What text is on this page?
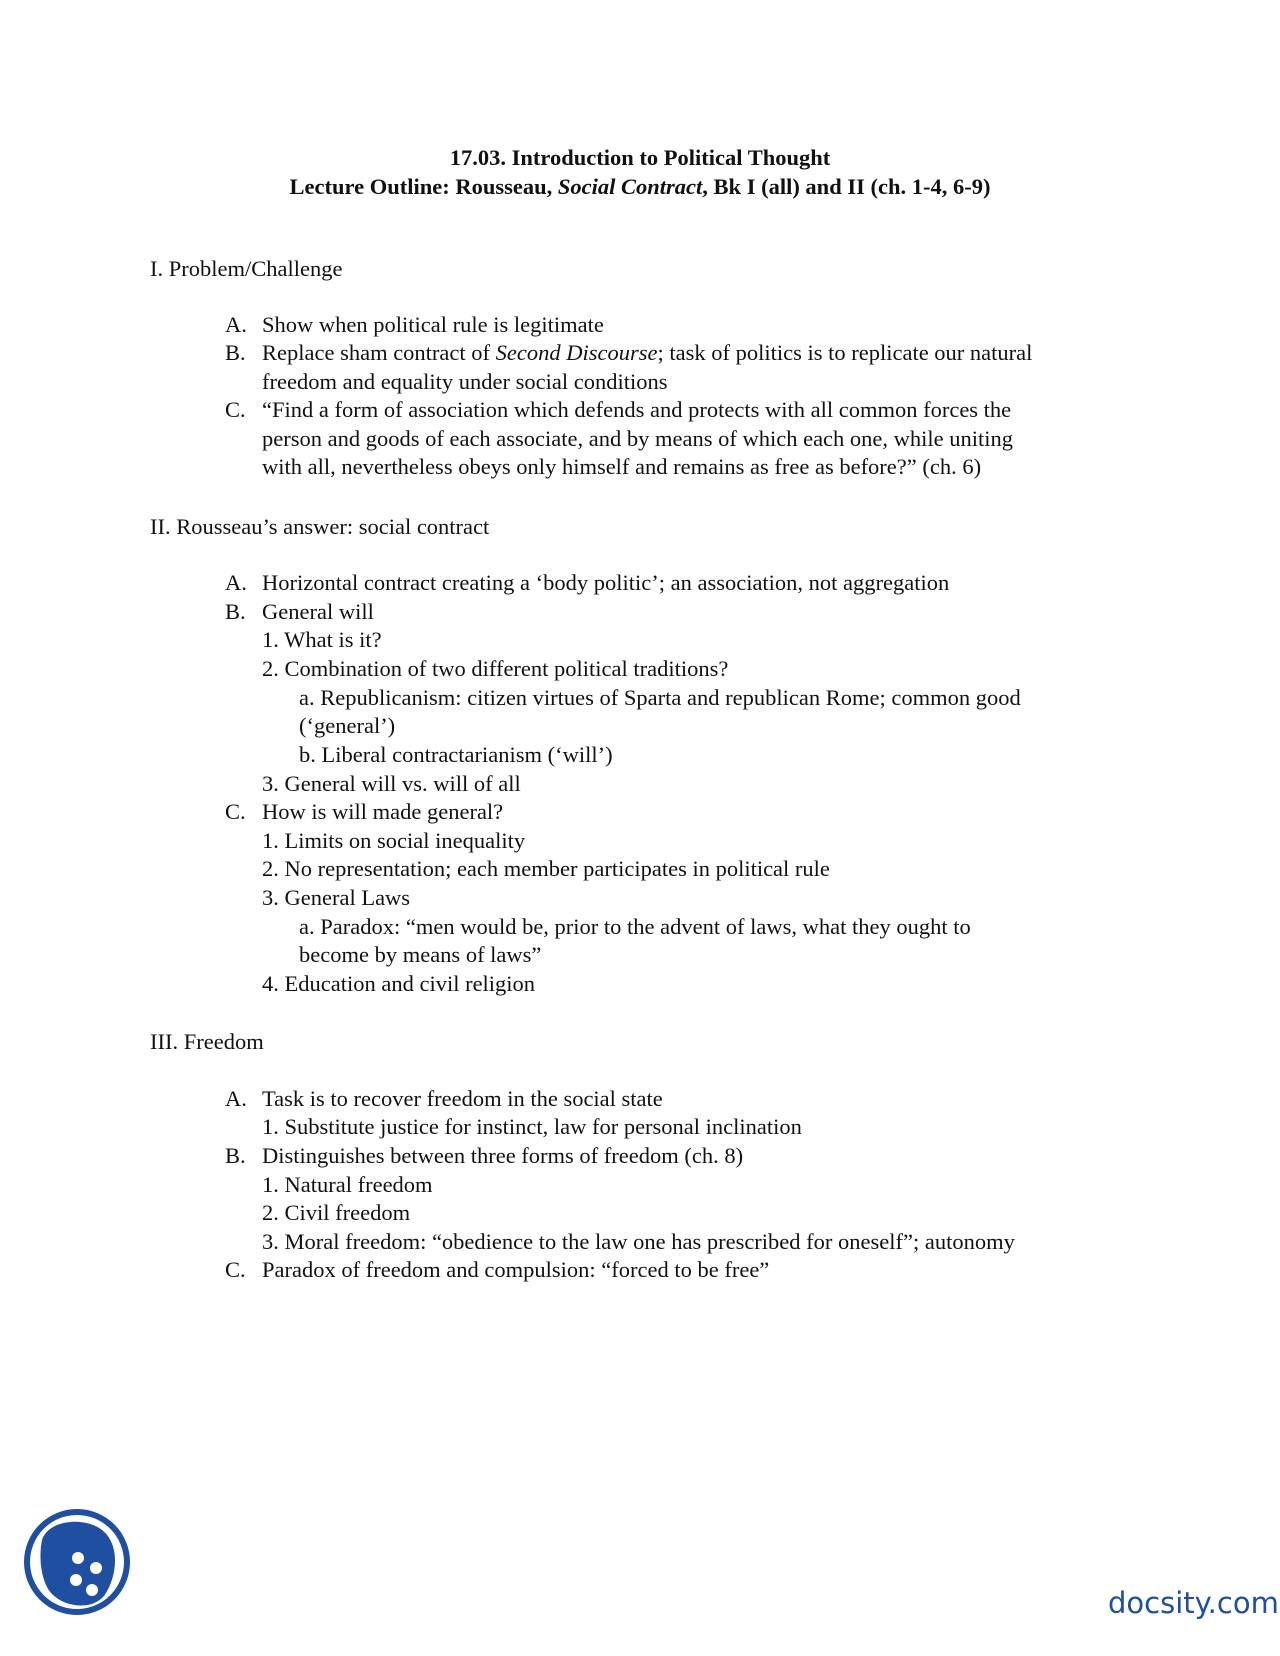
17.03. Introduction to Political Thought
Lecture Outline: Rousseau, Social Contract, Bk I (all) and II (ch. 1-4, 6-9)
I. Problem/Challenge
A. Show when political rule is legitimate
B. Replace sham contract of Second Discourse; task of politics is to replicate our natural
freedom and equality under social conditions
C. “Find a form of association which defends and protects with all common forces the
person and goods of each associate, and by means of which each one, while uniting
with all, nevertheless obeys only himself and remains as free as before?” (ch. 6)
II. Rousseau’s answer: social contract
A. Horizontal contract creating a ‘body politic’; an association, not aggregation
B. General will
1. What is it?
2. Combination of two different political traditions?
a. Republicanism: citizen virtues of Sparta and republican Rome; common good
(‘general’)
b. Liberal contractarianism (‘will’)
3. General will vs. will of all
C. How is will made general?
1. Limits on social inequality
2. No representation; each member participates in political rule
3. General Laws
a. Paradox: “men would be, prior to the advent of laws, what they ought to
become by means of laws”
4. Education and civil religion
III. Freedom
A. Task is to recover freedom in the social state
1. Substitute justice for instinct, law for personal inclination
B. Distinguishes between three forms of freedom (ch. 8)
1. Natural freedom
2. Civil freedom
3. Moral freedom: “obedience to the law one has prescribed for oneself”; autonomy
C. Paradox of freedom and compulsion: “forced to be free”
docsity.com
